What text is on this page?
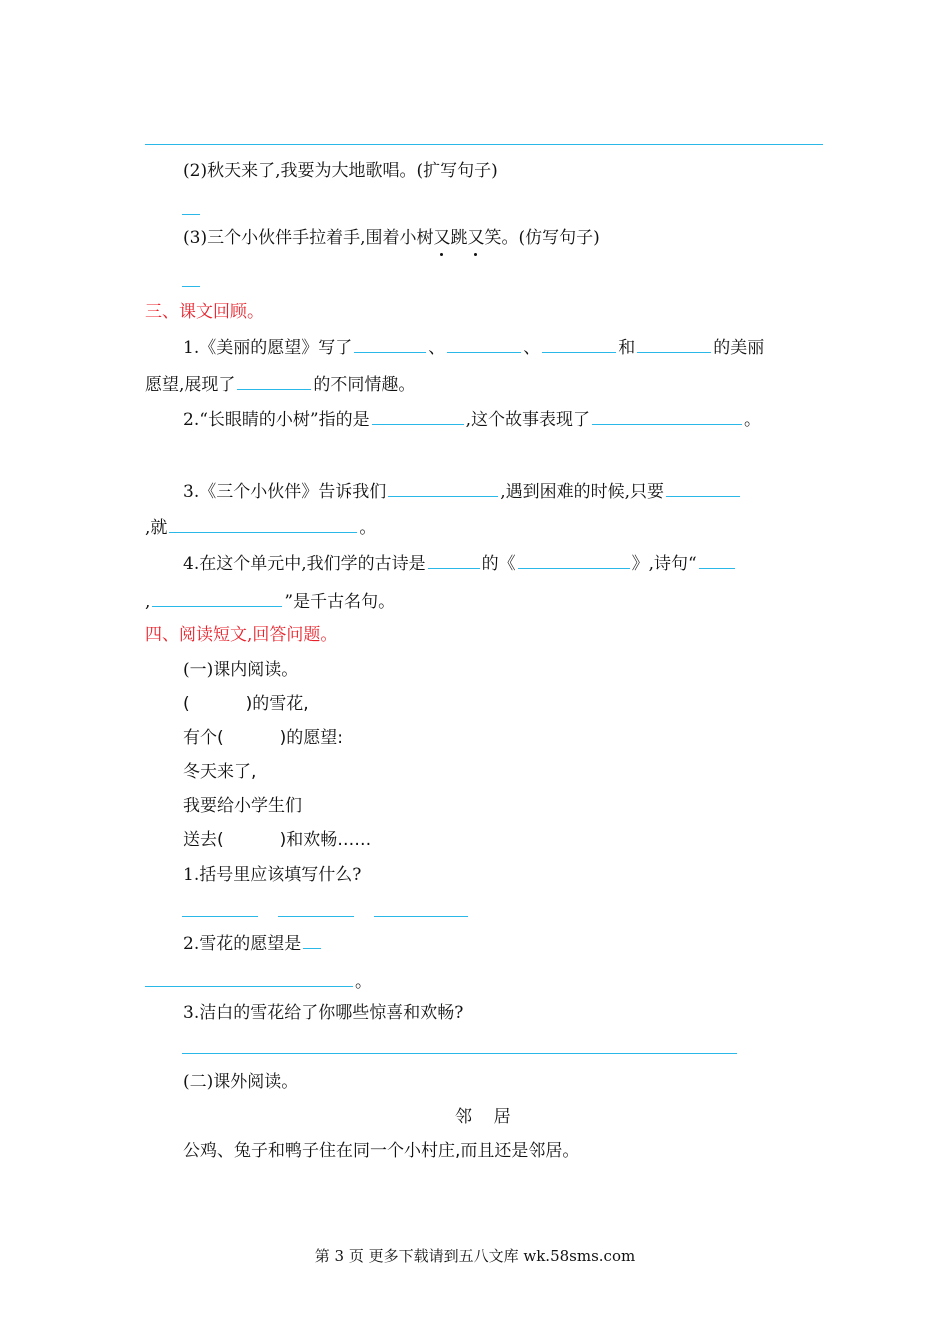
(2)秋天来了,我要为大地歌唱。(扩写句子)
(3)三个小伙伴手拉着手,围着小树又跳又笑。(仿写句子)
三、课文回顾。
1.《美丽的愿望》写了	、	、	和	的美丽
愿望,展现了	的不同情趣。
2.“长眼睛的小树”指的是	,这个故事表现了	。
3.《三个小伙伴》告诉我们	,遇到困难的时候,只要
,就	。
4.在这个单元中,我们学的古诗是	的《	》,诗句“
,	”是千古名句。
四、阅读短文,回答问题。
(一)课内阅读。
(	)的雪花,
有个(	)的愿望:
冬天来了,
我要给小学生们
送去(	)和欢畅……
1.括号里应该填写什么?
2.雪花的愿望是
。
3.洁白的雪花给了你哪些惊喜和欢畅?
(二)课外阅读。
邻    居
公鸡、兔子和鸭子住在同一个小村庄,而且还是邻居。
第 3 页 更多下载请到五八文库 wk.58sms.com
